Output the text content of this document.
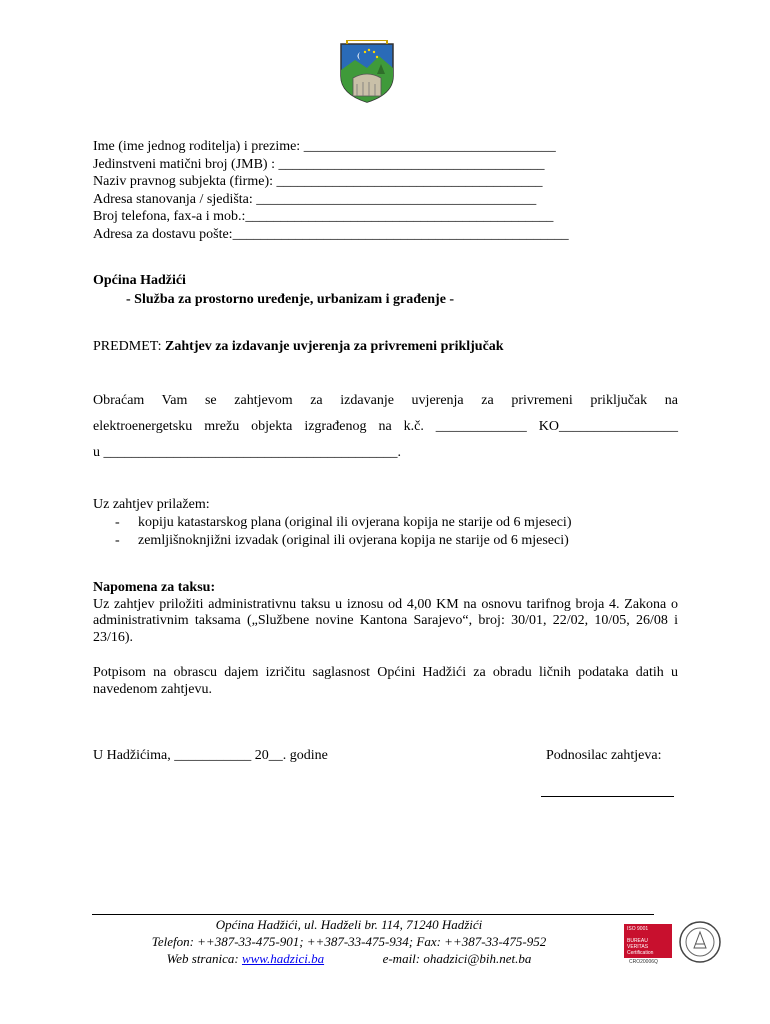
Ime (ime jednog roditelja) i prezime: ____________________________________
Jedinstveni matični broj (JMB) : ______________________________________
Naziv pravnog subjekta (firme): ______________________________________
Adresa stanovanja / sjedišta: ________________________________________
Broj telefona, fax-a i mob.:____________________________________________
Adresa za dostavu pošte:________________________________________________
Općina Hadžići
- Služba za prostorno uređenje, urbanizam i građenje -
PREDMET: Zahtjev za izdavanje uvjerenja za privremeni priključak
Obraćam Vam se zahtjevom za izdavanje uvjerenja za privremeni priključak na
elektroenergetsku mrežu objekta izgrađenog na k.č. _____________ KO_________________
u __________________________________________.
Uz zahtjev prilažem:
- kopiju katastarskog plana (original ili ovjerana kopija ne starije od 6 mjeseci)
- zemljišnoknjižni izvadak (original ili ovjerana kopija ne starije od 6 mjeseci)
Napomena za taksu:
Uz zahtjev priložiti administrativnu taksu u iznosu od 4,00 KM na osnovu tarifnog broja 4. Zakona o administrativnim taksama („Službene novine Kantona Sarajevo“, broj: 30/01, 22/02, 10/05, 26/08 i 23/16).
Potpisom na obrascu dajem izričitu saglasnost Općini Hadžići za obradu ličnih podataka datih u navedenom zahtjevu.
U Hadžićima, ___________ 20__. godine	Podnosilac zahtjeva:
Općina Hadžići, ul. Hadželi br. 114, 71240 Hadžići
Telefon: ++387-33-475-901; ++387-33-475-934; Fax: ++387-33-475-952
Web stranica: www.hadzici.ba	e-mail: ohadzici@bih.net.ba
ISO 9001
BUREAU VERITAS
Certification
CRO20006Q
